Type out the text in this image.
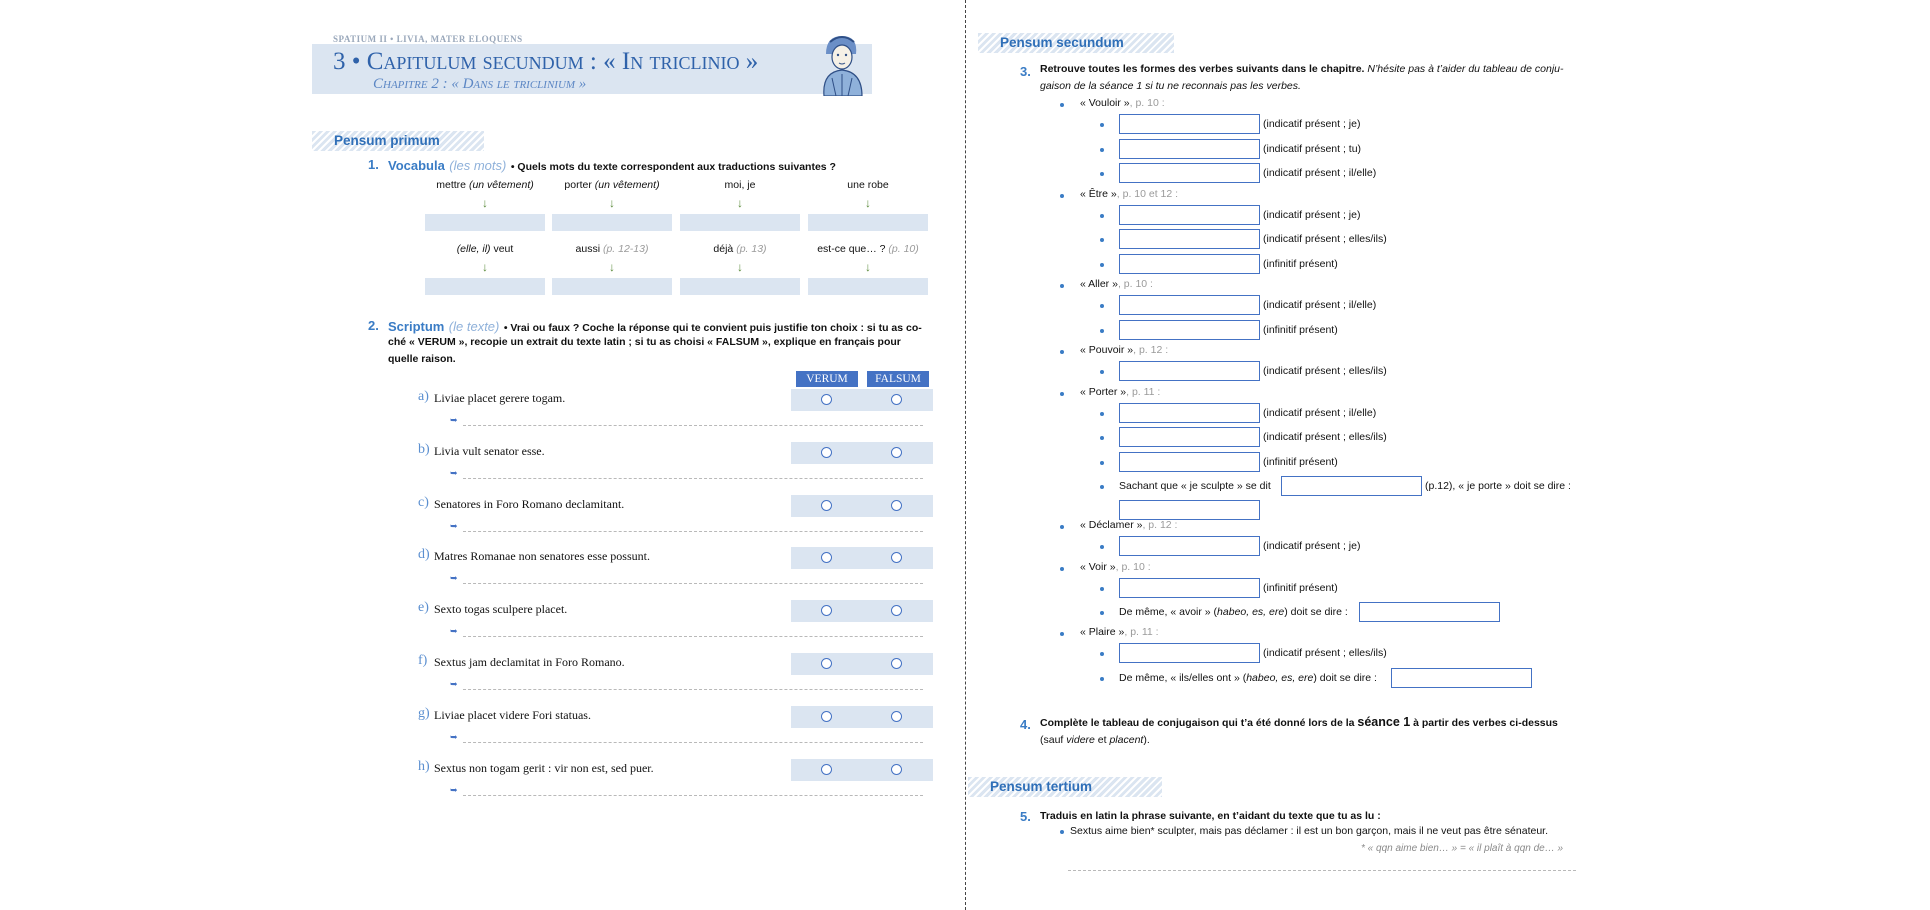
SPATIUM II • LIVIA, MATER ELOQUENS
3 • Capitulum secundum : « In triclinio »
Chapitre 2 : « Dans le triclinium »
Pensum primum
1. Vocabula (les mots) • Quels mots du texte correspondent aux traductions suivantes ?
mettre (un vêtement)	porter (un vêtement)	moi, je	une robe
↓	↓	↓	↓
(elle, il) veut	aussi (p. 12-13)	déjà (p. 13)	est-ce que… ? (p. 10)
↓	↓	↓	↓
2. Scriptum (le texte) • Vrai ou faux ? Coche la réponse qui te convient puis justifie ton choix : si tu as co-
ché « VERUM », recopie un extrait du texte latin ; si tu as choisi « FALSUM », explique en français pour
quelle raison.
VERUM	FALSUM
a) Liviae placet gerere togam.
➥
b) Livia vult senator esse.
➥
c) Senatores in Foro Romano declamitant.
➥
d) Matres Romanae non senatores esse possunt.
➥
e) Sexto togas sculpere placet.
➥
f) Sextus jam declamitat in Foro Romano.
➥
g) Liviae placet videre Fori statuas.
➥
h) Sextus non togam gerit : vir non est, sed puer.
➥
Pensum secundum
3. Retrouve toutes les formes des verbes suivants dans le chapitre. N’hésite pas à t’aider du tableau de conju-
gaison de la séance 1 si tu ne reconnais pas les verbes.
« Vouloir », p. 10 :
(indicatif présent ; je)
(indicatif présent ; tu)
(indicatif présent ; il/elle)
« Être », p. 10 et 12 :
(indicatif présent ; je)
(indicatif présent ; elles/ils)
(infinitif présent)
« Aller », p. 10 :
(indicatif présent ; il/elle)
(infinitif présent)
« Pouvoir », p. 12 :
(indicatif présent ; elles/ils)
« Porter », p. 11 :
(indicatif présent ; il/elle)
(indicatif présent ; elles/ils)
(infinitif présent)
Sachant que « je sculpte » se dit	(p.12), « je porte » doit se dire :
« Déclamer », p. 12 :
(indicatif présent ; je)
« Voir », p. 10 :
(infinitif présent)
De même, « avoir » (habeo, es, ere) doit se dire :
« Plaire », p. 11 :
(indicatif présent ; elles/ils)
De même, « ils/elles ont » (habeo, es, ere) doit se dire :
4. Complète le tableau de conjugaison qui t’a été donné lors de la séance 1 à partir des verbes ci-dessus
(sauf videre et placent).
Pensum tertium
5. Traduis en latin la phrase suivante, en t’aidant du texte que tu as lu :
Sextus aime bien* sculpter, mais pas déclamer : il est un bon garçon, mais il ne veut pas être sénateur.
* « qqn aime bien… » = « il plaît à qqn de… »
